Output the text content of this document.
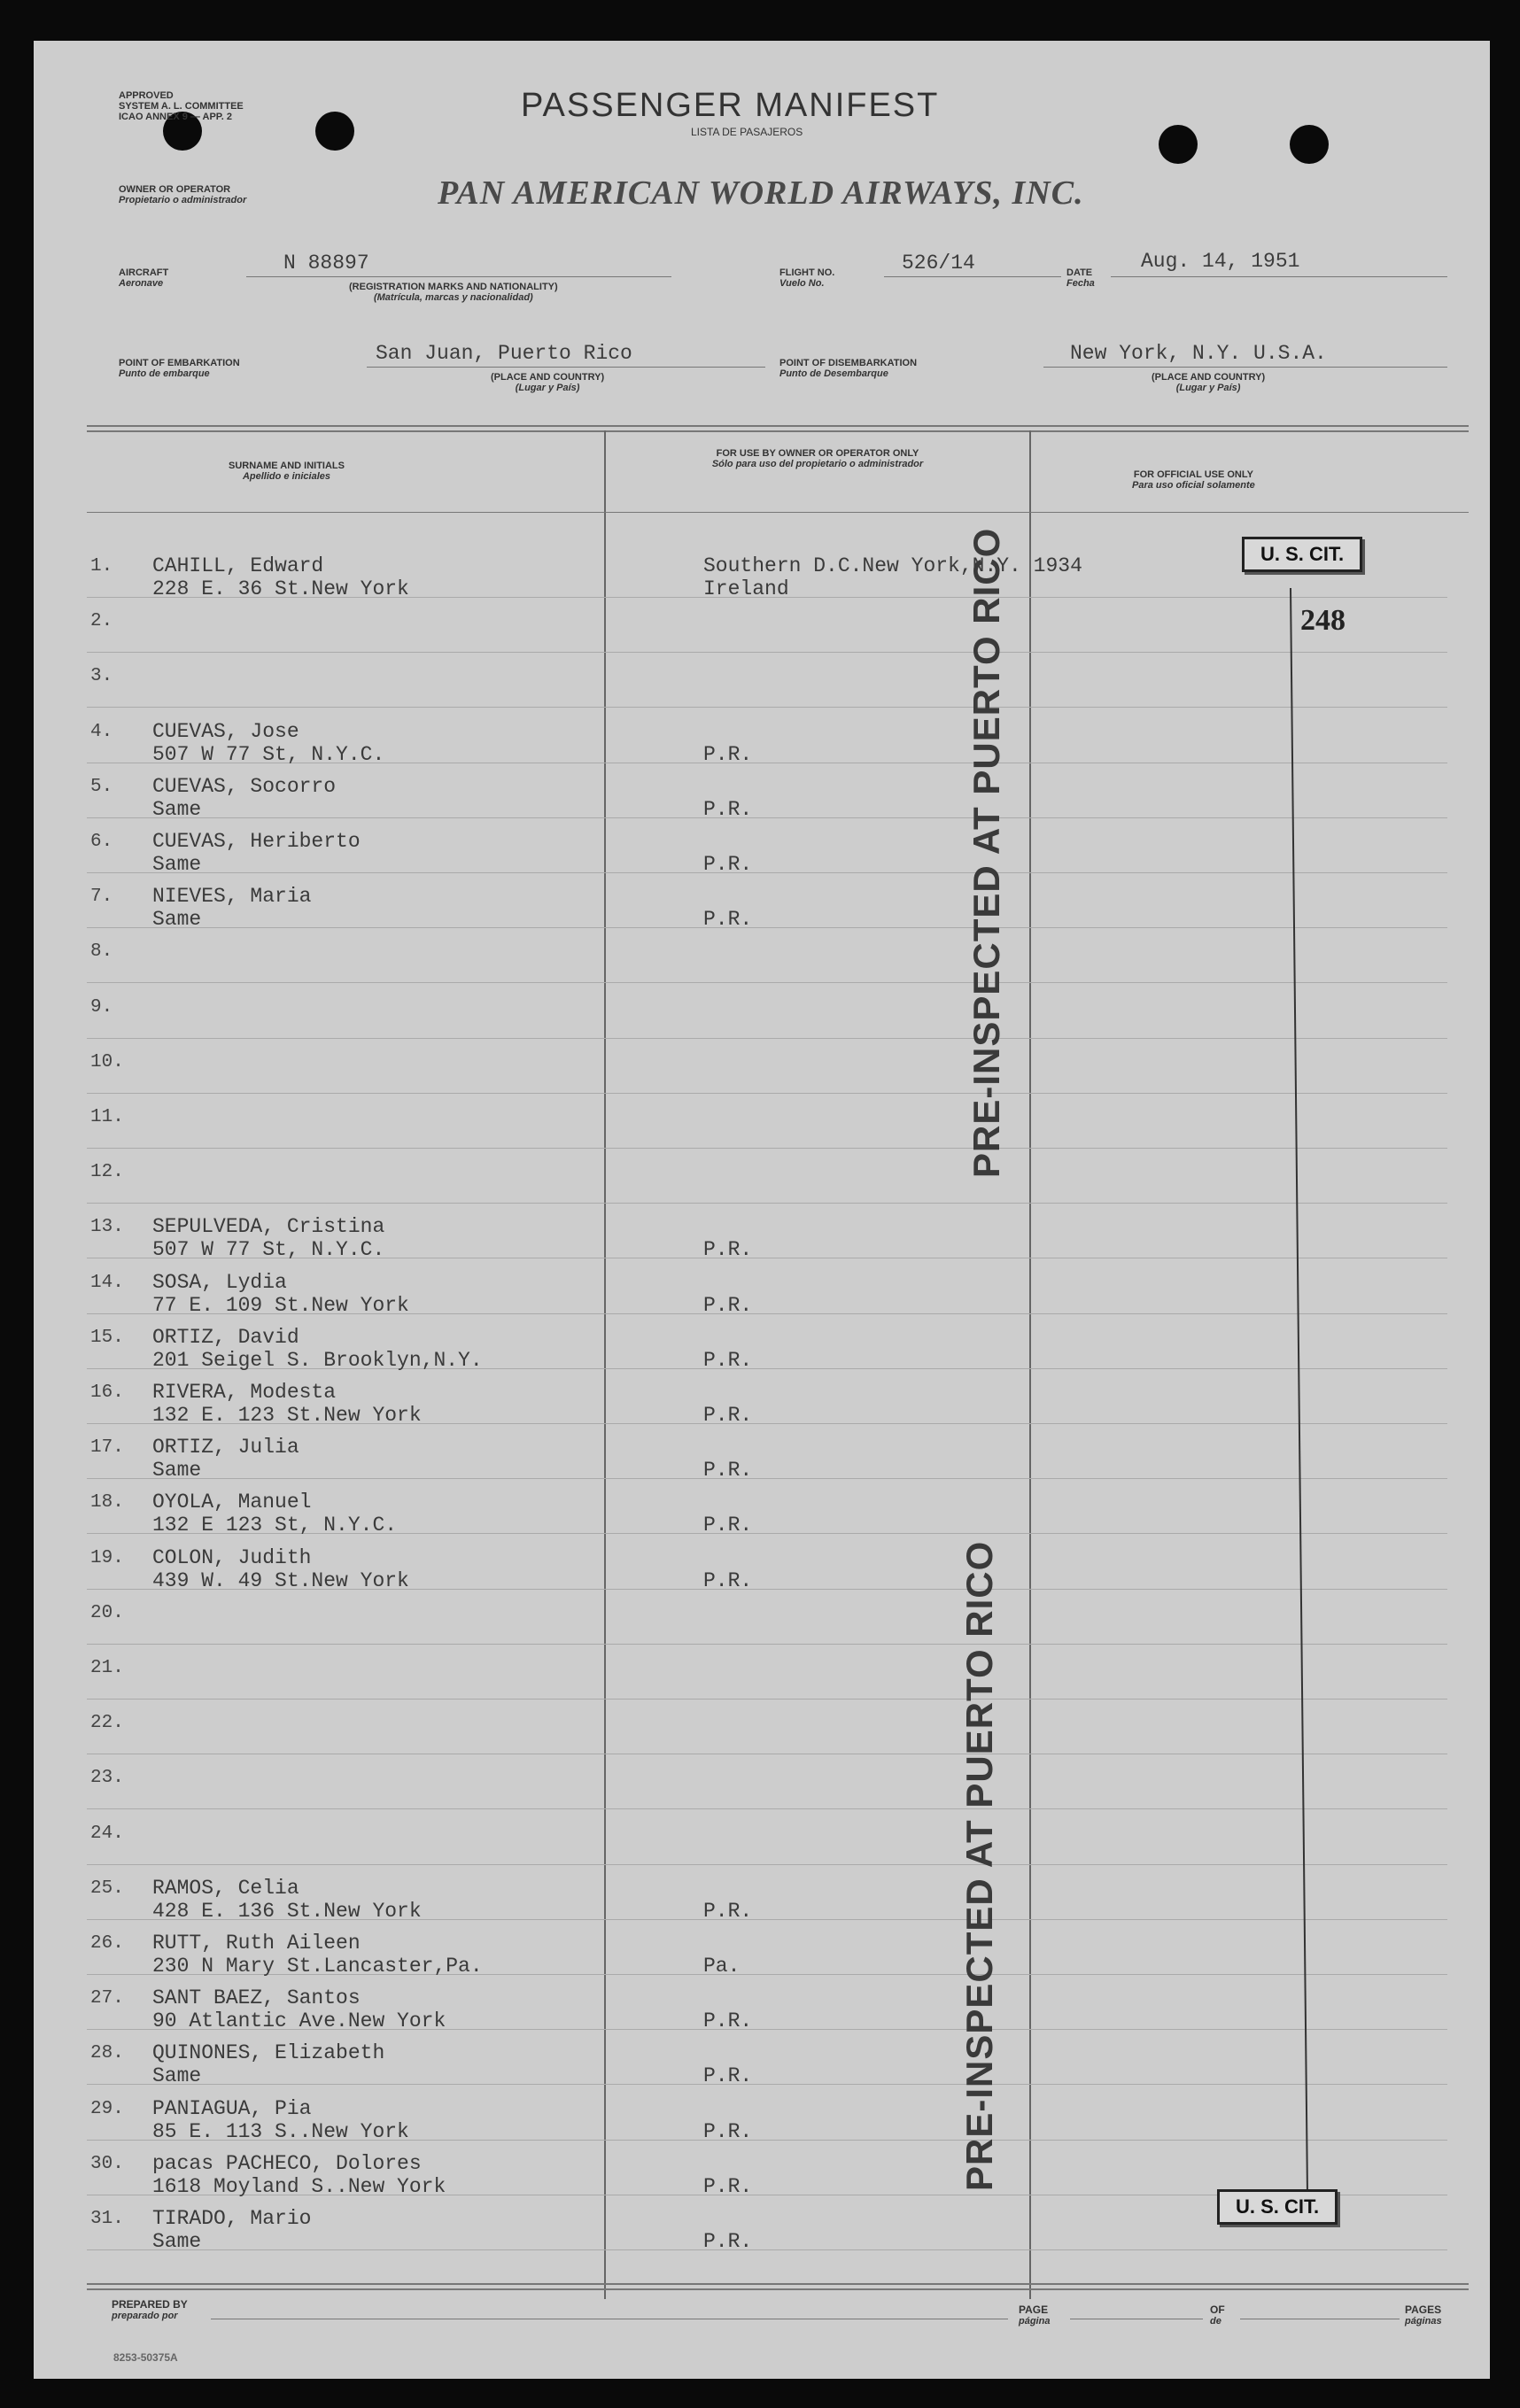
APPROVED
SYSTEM A. L. COMMITTEE
ICAO ANNEX 9 — APP. 2	PASSENGER MANIFEST
LISTA DE PASAJEROS
OWNER OR OPERATOR
Propietario o administrador	PAN AMERICAN WORLD AIRWAYS, INC.
AIRCRAFT
Aeronave
N 88897
(REGISTRATION MARKS AND NATIONALITY)
(Matrícula, marcas y nacionalidad)
FLIGHT NO.
Vuelo No.
526/14	DATE
Fecha
Aug. 14, 1951
POINT OF EMBARKATION
Punto de embarque
San Juan, Puerto Rico
(PLACE AND COUNTRY)
(Lugar y País)
POINT OF DISEMBARKATION
Punto de Desembarque
New York, N.Y. U.S.A.
(PLACE AND COUNTRY)
(Lugar y País)
SURNAME AND INITIALS
Apellido e iniciales
FOR USE BY OWNER OR OPERATOR ONLY
Sólo para uso del propietario o administrador
FOR OFFICIAL USE ONLY
Para uso oficial solamente
1. CAHILL, Edward
228 E. 36 St.New York
Southern D.C.New York,N.Y. 1934
Ireland
2.
3.
4. CUEVAS, Jose
507 W 77 St, N.Y.C.	P.R.
5. CUEVAS, Socorro
Same	P.R.
6. CUEVAS, Heriberto
Same	P.R.
7. NIEVES, Maria
Same	P.R.
8.
9.
10.
11.
12.
13. SEPULVEDA, Cristina
507 W 77 St, N.Y.C.	P.R.
14. SOSA, Lydia
77 E. 109 St.New York	P.R.
15. ORTIZ, David
201 Seigel S. Brooklyn,N.Y.	P.R.
16. RIVERA, Modesta
132 E. 123 St.New York	P.R.
17. ORTIZ, Julia
Same	P.R.
18. OYOLA, Manuel
132 E 123 St, N.Y.C.	P.R.
19. COLON, Judith
439 W. 49 St.New York	P.R.
20.
21.
22.
23.
24.
25. RAMOS, Celia
428 E. 136 St.New York	P.R.
26. RUTT, Ruth Aileen
230 N Mary St.Lancaster,Pa.	Pa.
27. SANT BAEZ, Santos
90 Atlantic Ave.New York	P.R.
28. QUINONES, Elizabeth
Same	P.R.
29. PANIAGUA, Pia
85 E. 113 S..New York	P.R.
30. pacas PACHECO, Dolores
1618 Moyland S..New York	P.R.
31. TIRADO, Mario
Same	P.R.
U. S. CIT.
248
U. S. CIT.
PRE-INSPECTED AT PUERTO RICO
PRE-INSPECTED AT PUERTO RICO
PREPARED BY
preparado por	PAGE
página
OF
de
PAGES
páginas
8253-50375A
